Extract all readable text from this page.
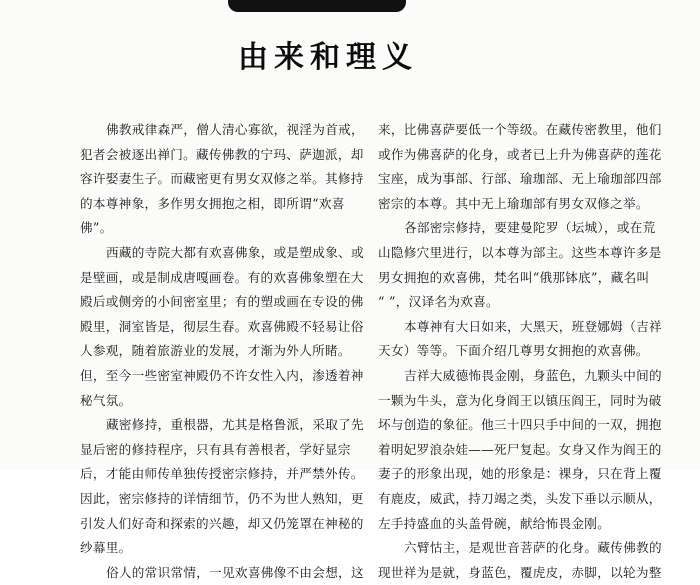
由来和理义

佛教戒律森严，僧人清心寡欲，视淫为首戒，

犯者会被逐出禅门。藏传佛教的宁玛、萨迦派，却

容许娶妻生子。而藏密更有男女双修之举。其修持

的本尊神象，多作男女拥抱之相，即所谓“欢喜

佛”。

西藏的寺院大都有欢喜佛象，或是塑成象、或

是壁画，或是制成唐嘎画卷。有的欢喜佛象塑在大

殿后或侧旁的小间密室里；有的塑或画在专设的佛

殿里，洞室皆是，彻层生春。欢喜佛殿不轻易让俗

人参观，随着旅游业的发展，才渐为外人所睹。

但，至今一些密室神殿仍不许女性入内，渗透着神

秘气氛。

藏密修持，重根器，尤其是格鲁派，采取了先

显后密的修持程序，只有具有善根者，学好显宗

后，才能由师传单独传授密宗修持，并严禁外传。

因此，密宗修持的详情细节，仍不为世人熟知，更

引发人们好奇和探索的兴趣，却又仍笼罩在神秘的

纱幕里。

俗人的常识常情，一见欢喜佛像不由会想，这

来，比佛喜萨要低一个等级。在藏传密教里，他们

或作为佛喜萨的化身，或者已上升为佛喜萨的莲花

宝座，成为事部、行部、瑜珈部、无上瑜珈部四部

密宗的本尊。其中无上瑜珈部有男女双修之举。

各部密宗修持，要建曼陀罗（坛城），或在荒

山隐修穴里进行，以本尊为部主。这些本尊许多是

男女拥抱的欢喜佛，梵名叫“俄那钵底”，藏名叫

“ ”，汉译名为欢喜。

本尊神有大日如来，大黑天，班登娜姆（吉祥

天女）等等。下面介绍几尊男女拥抱的欢喜佛。

吉祥大威德怖畏金刚，身蓝色，九颗头中间的

一颗为牛头，意为化身阎王以镇压阎王，同时为破

坏与创造的象征。他三十四只手中间的一双，拥抱

着明妃罗浪杂娃——死尸复起。女身又作为阎王的

妻子的形象出现，她的形象是：裸身，只在背上覆

有鹿皮，威武，持刀竭之类，头发下垂以示顺从，

左手持盛血的头盖骨碗，献给怖畏金刚。

六臂怙主，是观世音菩萨的化身。藏传佛教的

现世祥为是就，身蓝色，覆虎皮，赤脚，以轮为整
